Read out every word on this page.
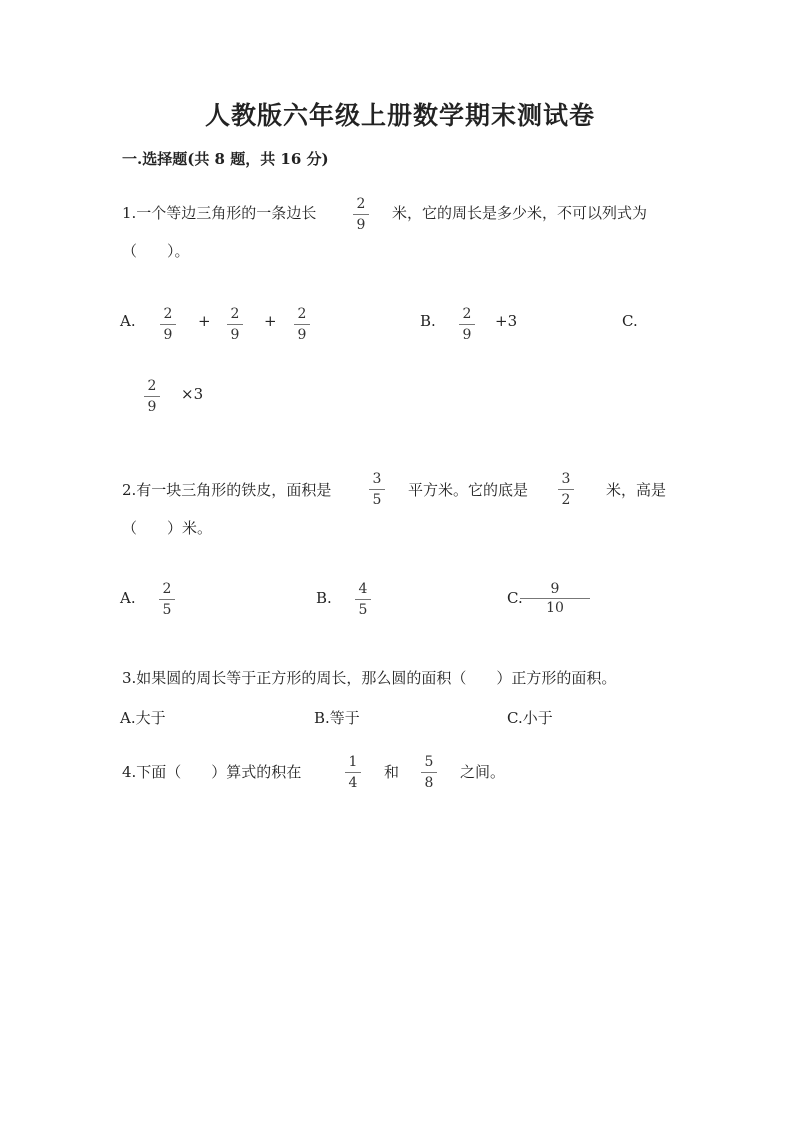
人教版六年级上册数学期末测试卷
一.选择题(共 8 题，共 16 分)
1.一个等边三角形的一条边长	2
9
米，它的周长是多少米，不可以列式为
（　　）。
A.	2
9
+	2
9
+	2
9
B.	2
9
+3	C.
2
9
×3
2.有一块三角形的铁皮，面积是
3
5
平方米。它的底是
3
2
米，高是
（　　）米。
A.	2
5
B.	4
5
C.	9
10
3.如果圆的周长等于正方形的周长，那么圆的面积（　　）正方形的面积。
A.大于	B.等于	C.小于
4.下面（　　）算式的积在
1
4
和
5
8
之间。
